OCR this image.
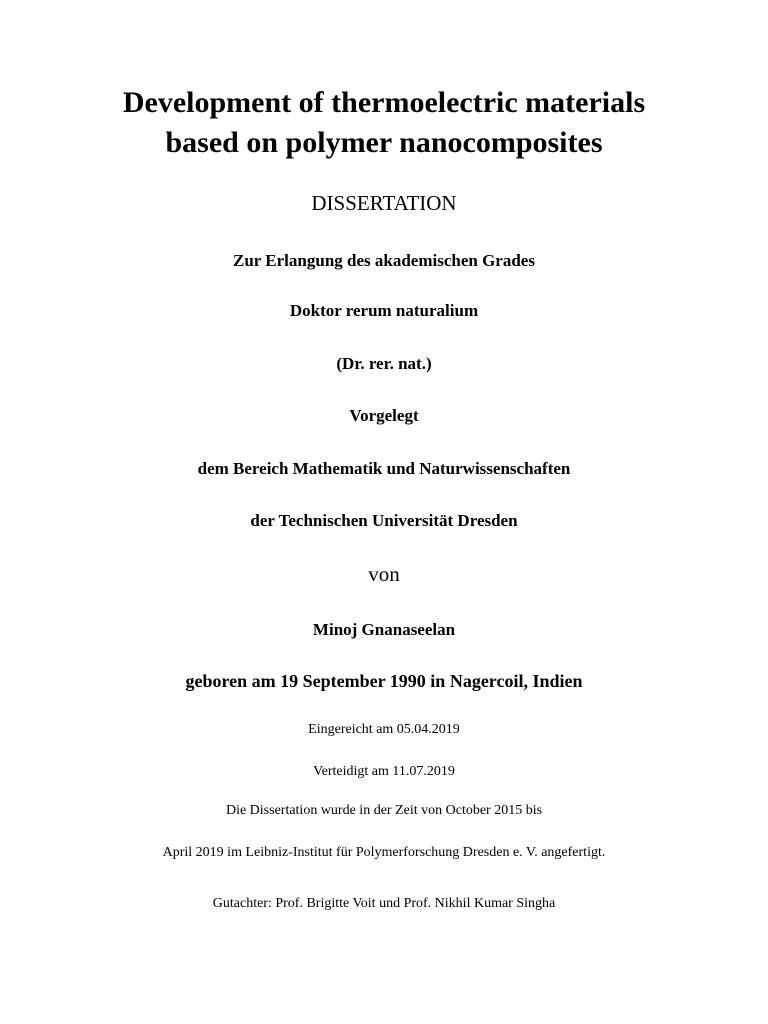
Development of thermoelectric materials
based on polymer nanocomposites
DISSERTATION
Zur Erlangung des akademischen Grades
Doktor rerum naturalium
(Dr. rer. nat.)
Vorgelegt
dem Bereich Mathematik und Naturwissenschaften
der Technischen Universität Dresden
von
Minoj Gnanaseelan
geboren am 19 September 1990 in Nagercoil, Indien
Eingereicht am 05.04.2019
Verteidigt am 11.07.2019
Die Dissertation wurde in der Zeit von October 2015 bis
April 2019 im Leibniz-Institut für Polymerforschung Dresden e. V. angefertigt.
Gutachter: Prof. Brigitte Voit und Prof. Nikhil Kumar Singha
